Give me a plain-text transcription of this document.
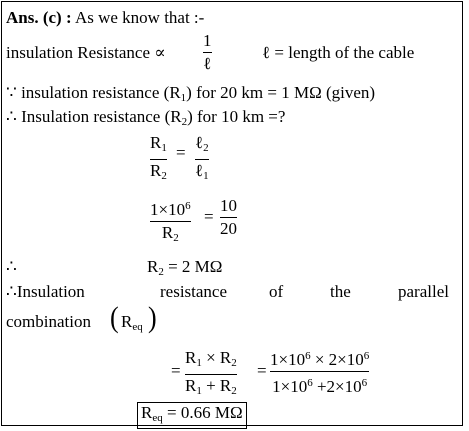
Ans. (c) : As we know that :-
insulation Resistance ∝
1
ℓ
ℓ = length of the cable
∵ insulation resistance $(R_1)$ for 20 km = 1 MΩ (given)
∴ Insulation resistance $(R_2)$ for 10 km =?
$R_1$
$R_2$
=
ℓ$_2$
ℓ$_1$
$1\times 10^6$
$R_2$
=
10
20
∴	$R_2 = 2$ MΩ
∴Insulation	resistance of	the	parallel
combination ( $R_{eq}$ )
=
$R_1 \times R_2$
$R_1 + R_2$
=
$1\times 10^6 \times 2\times 10^6$
$1\times 10^6 +2\times 10^6$
$R_{eq} = 0.66$ MΩ
